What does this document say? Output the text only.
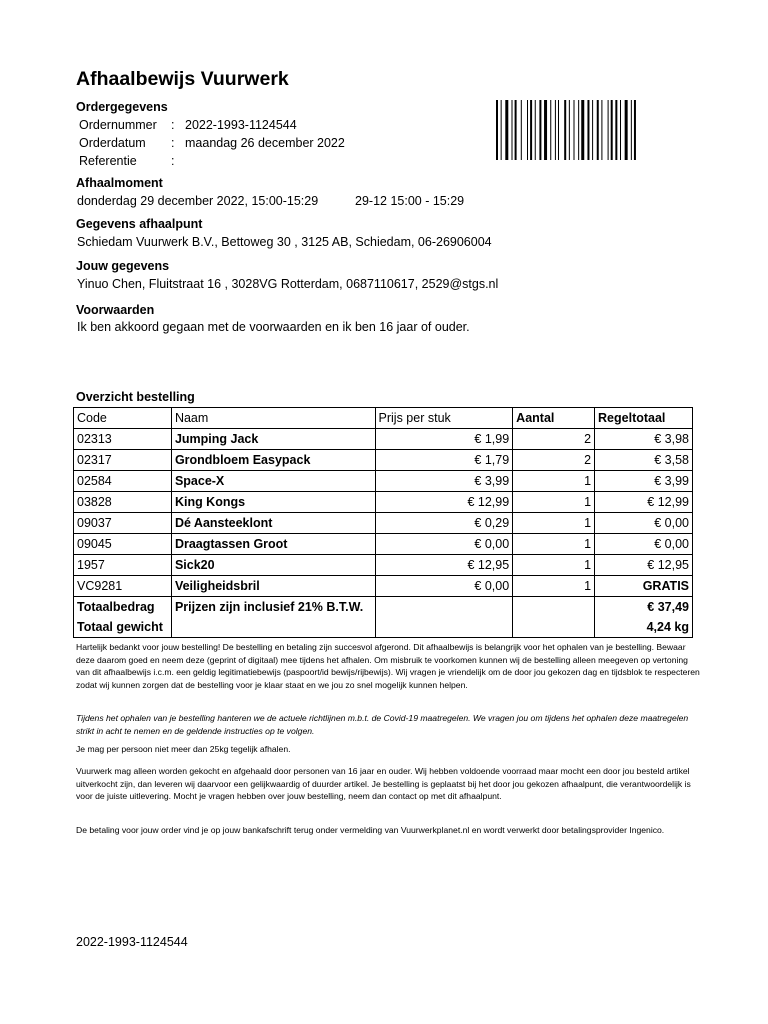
Afhaalbewijs Vuurwerk
Ordergegevens
Ordernummer : 2022-1993-1124544
Orderdatum : maandag 26 december 2022
Referentie	:
Afhaalmoment
donderdag 29 december 2022, 15:00-15:29	29-12 15:00 - 15:29
Gegevens afhaalpunt
Schiedam Vuurwerk B.V., Bettoweg 30 , 3125 AB, Schiedam, 06-26906004
Jouw gegevens
Yinuo Chen, Fluitstraat 16 , 3028VG Rotterdam, 0687110617, 2529@stgs.nl
Voorwaarden
Ik ben akkoord gegaan met de voorwaarden en ik ben 16 jaar of ouder.
Overzicht bestelling
Code	Naam	Prijs per stuk	Aantal	Regeltotaal
02313	Jumping Jack	€ 1,99	2	€ 3,98
02317	Grondbloem Easypack	€ 1,79	2	€ 3,58
02584	Space-X	€ 3,99	1	€ 3,99
03828	King Kongs	€ 12,99	1	€ 12,99
09037	Dé Aansteeklont	€ 0,29	1	€ 0,00
09045	Draagtassen Groot	€ 0,00	1	€ 0,00
1957	Sick20	€ 12,95	1	€ 12,95
VC9281	Veiligheidsbril	€ 0,00	1	GRATIS
Totaalbedrag	Prijzen zijn inclusief 21% B.T.W.			€ 37,49
Totaal gewicht				4,24 kg
Hartelijk bedankt voor jouw bestelling! De bestelling en betaling zijn succesvol afgerond. Dit afhaalbewijs is belangrijk voor het ophalen van je bestelling. Bewaar deze daarom goed en neem deze (geprint of digitaal) mee tijdens het afhalen. Om misbruik te voorkomen kunnen wij de bestelling alleen meegeven op vertoning van dit afhaalbewijs i.c.m. een geldig legitimatiebewijs (paspoort/id bewijs/rijbewijs). Wij vragen je vriendelijk om de door jou gekozen dag en tijdsblok te respecteren zodat wij kunnen zorgen dat de bestelling voor je klaar staat en we jou zo snel mogelijk kunnen helpen.
Tijdens het ophalen van je bestelling hanteren we de actuele richtlijnen m.b.t. de Covid-19 maatregelen. We vragen jou om tijdens het ophalen deze maatregelen strikt in acht te nemen en de geldende instructies op te volgen.
Je mag per persoon niet meer dan 25kg tegelijk afhalen.
Vuurwerk mag alleen worden gekocht en afgehaald door personen van 16 jaar en ouder. Wij hebben voldoende voorraad maar mocht een door jou besteld artikel uitverkocht zijn, dan leveren wij daarvoor een gelijkwaardig of duurder artikel. Je bestelling is geplaatst bij het door jou gekozen afhaalpunt, die verantwoordelijk is voor de juiste uitlevering. Mocht je vragen hebben over jouw bestelling, neem dan contact op met dit afhaalpunt.
De betaling voor jouw order vind je op jouw bankafschrift terug onder vermelding van Vuurwerkplanet.nl en wordt verwerkt door betalingsprovider Ingenico.
2022-1993-1124544
